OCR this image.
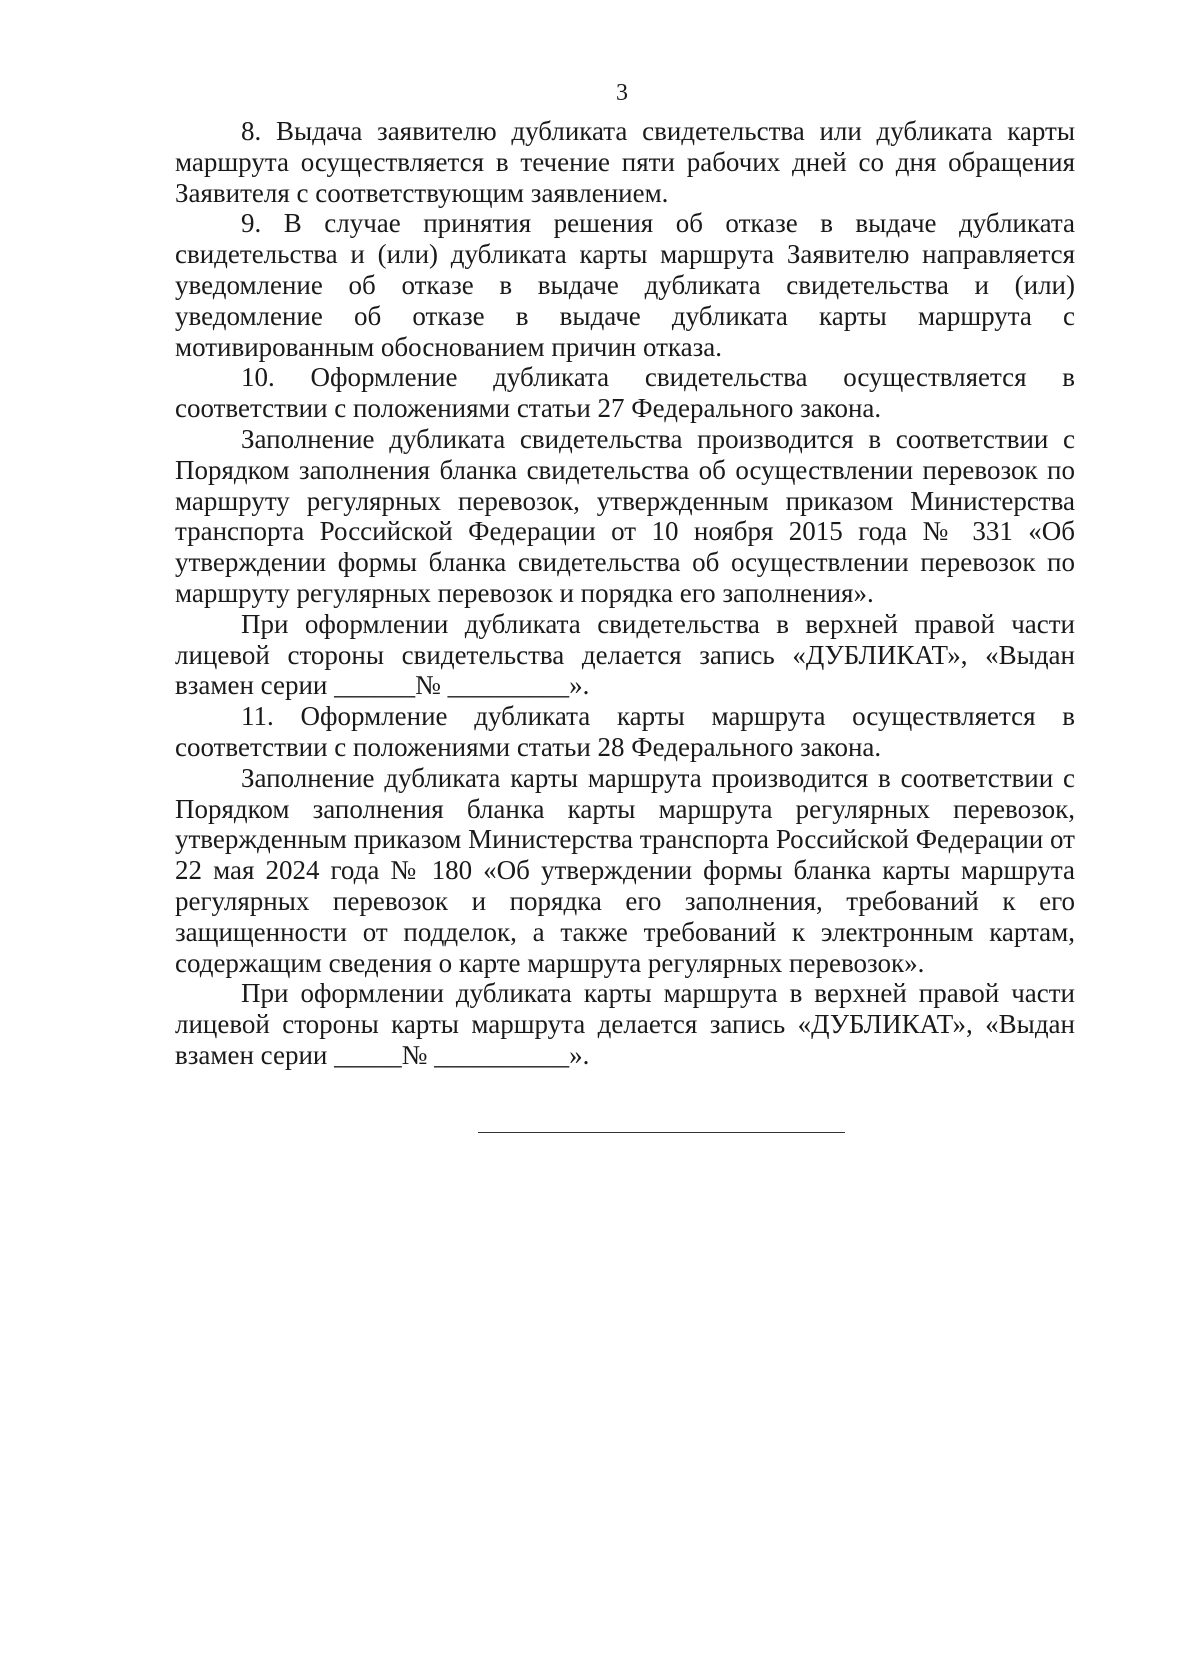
3

8. Выдача заявителю дубликата свидетельства или дубликата карты маршрута осуществляется в течение пяти рабочих дней со дня обращения Заявителя с соответствующим заявлением.

9. В случае принятия решения об отказе в выдаче дубликата свидетельства и (или) дубликата карты маршрута Заявителю направляется уведомление об отказе в выдаче дубликата свидетельства и (или) уведомление об отказе в выдаче дубликата карты маршрута с мотивированным обоснованием причин отказа.

10. Оформление дубликата свидетельства осуществляется в соответствии с положениями статьи 27 Федерального закона.

Заполнение дубликата свидетельства производится в соответствии с Порядком заполнения бланка свидетельства об осуществлении перевозок по маршруту регулярных перевозок, утвержденным приказом Министерства транспорта Российской Федерации от 10 ноября 2015 года № 331 «Об утверждении формы бланка свидетельства об осуществлении перевозок по маршруту регулярных перевозок и порядка его заполнения».

При оформлении дубликата свидетельства в верхней правой части лицевой стороны свидетельства делается запись «ДУБЛИКАТ», «Выдан взамен серии ______№ _________».

11. Оформление дубликата карты маршрута осуществляется в соответствии с положениями статьи 28 Федерального закона.

Заполнение дубликата карты маршрута производится в соответствии с Порядком заполнения бланка карты маршрута регулярных перевозок, утвержденным приказом Министерства транспорта Российской Федерации от 22 мая 2024 года № 180 «Об утверждении формы бланка карты маршрута регулярных перевозок и порядка его заполнения, требований к его защищенности от подделок, а также требований к электронным картам, содержащим сведения о карте маршрута регулярных перевозок».

При оформлении дубликата карты маршрута в верхней правой части лицевой стороны карты маршрута делается запись «ДУБЛИКАТ», «Выдан взамен серии _____№ __________».
